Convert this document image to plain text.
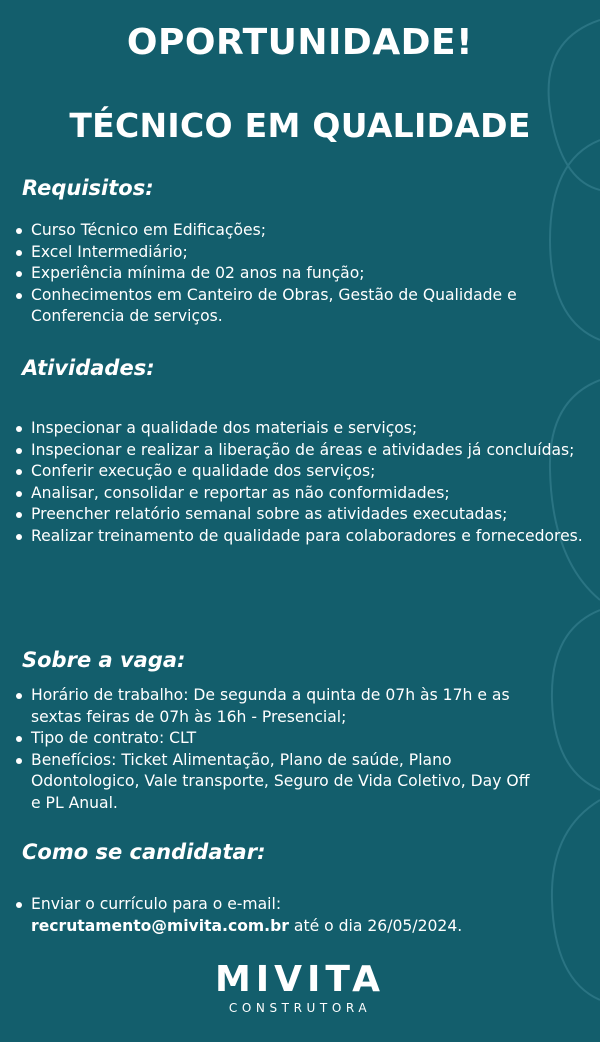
OPORTUNIDADE!
TÉCNICO EM QUALIDADE
Requisitos:
Curso Técnico em Edificações;
Excel Intermediário;
Experiência mínima de 02 anos na função;
Conhecimentos em Canteiro de Obras, Gestão de Qualidade e Conferencia de serviços.
Atividades:
Inspecionar a qualidade dos materiais e serviços;
Inspecionar e realizar a liberação de áreas e atividades já concluídas;
Conferir execução e qualidade dos serviços;
Analisar, consolidar e reportar as não conformidades;
Preencher relatório semanal sobre as atividades executadas;
Realizar treinamento de qualidade para colaboradores e fornecedores.
Sobre a vaga:
Horário de trabalho: De segunda a quinta de 07h às 17h e as sextas feiras de 07h às 16h - Presencial;
Tipo de contrato: CLT
Benefícios: Ticket Alimentação, Plano de saúde, Plano Odontologico, Vale transporte, Seguro de Vida Coletivo, Day Off e PL Anual.
Como se candidatar:
Enviar o currículo para o e-mail:
recrutamento@mivita.com.br até o dia 26/05/2024.
MIVITA
CONSTRUTORA
